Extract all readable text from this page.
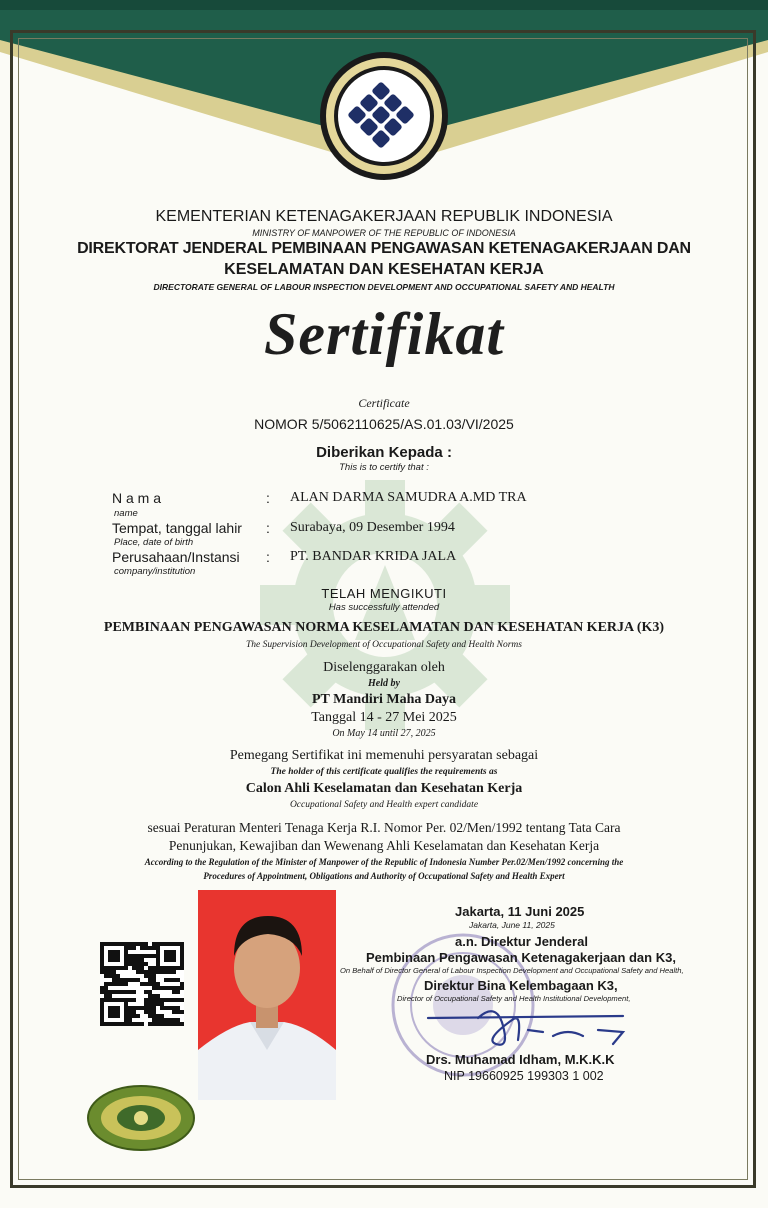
KEMENTERIAN KETENAGAKERJAAN REPUBLIK INDONESIA
MINISTRY OF MANPOWER OF THE REPUBLIC OF INDONESIA
DIREKTORAT JENDERAL PEMBINAAN PENGAWASAN KETENAGAKERJAAN DAN
KESELAMATAN DAN KESEHATAN KERJA
DIRECTORATE GENERAL OF LABOUR INSPECTION DEVELOPMENT AND OCCUPATIONAL SAFETY AND HEALTH
Sertifikat
Certificate
NOMOR 5/5062110625/AS.01.03/VI/2025
Diberikan Kepada :
This is to certify that :
N a m a
name
: ALAN DARMA SAMUDRA A.MD TRA
Tempat, tanggal lahir
Place, date of birth
: Surabaya, 09 Desember 1994
Perusahaan/Instansi
company/institution
: PT. BANDAR KRIDA JALA
TELAH MENGIKUTI
Has successfully attended
PEMBINAAN PENGAWASAN NORMA KESELAMATAN DAN KESEHATAN KERJA (K3)
The Supervision Development of Occupational Safety and Health Norms
Diselenggarakan oleh
Held by
PT Mandiri Maha Daya
Tanggal 14 - 27 Mei 2025
On May 14 until 27, 2025
Pemegang Sertifikat ini memenuhi persyaratan sebagai
The holder of this certificate qualifies the requirements as
Calon Ahli Keselamatan dan Kesehatan Kerja
Occupational Safety and Health expert candidate
sesuai Peraturan Menteri Tenaga Kerja R.I. Nomor Per. 02/Men/1992 tentang Tata Cara
Penunjukan, Kewajiban dan Wewenang Ahli Keselamatan dan Kesehatan Kerja
According to the Regulation of the Minister of Manpower of the Republic of Indonesia Number Per.02/Men/1992 concerning the
Procedures of Appointment, Obligations and Authority of Occupational Safety and Health Expert
Jakarta, 11 Juni 2025
Jakarta, June 11, 2025
a.n. Direktur Jenderal
Pembinaan Pengawasan Ketenagakerjaan dan K3,
On Behalf of Director General of Labour Inspection Development and Occupational Safety and Health,
Direktur Bina Kelembagaan K3,
Director of Occupational Safety and Health Institutional Development,
Drs. Muhamad Idham, M.K.K.K
NIP 19660925 199303 1 002
